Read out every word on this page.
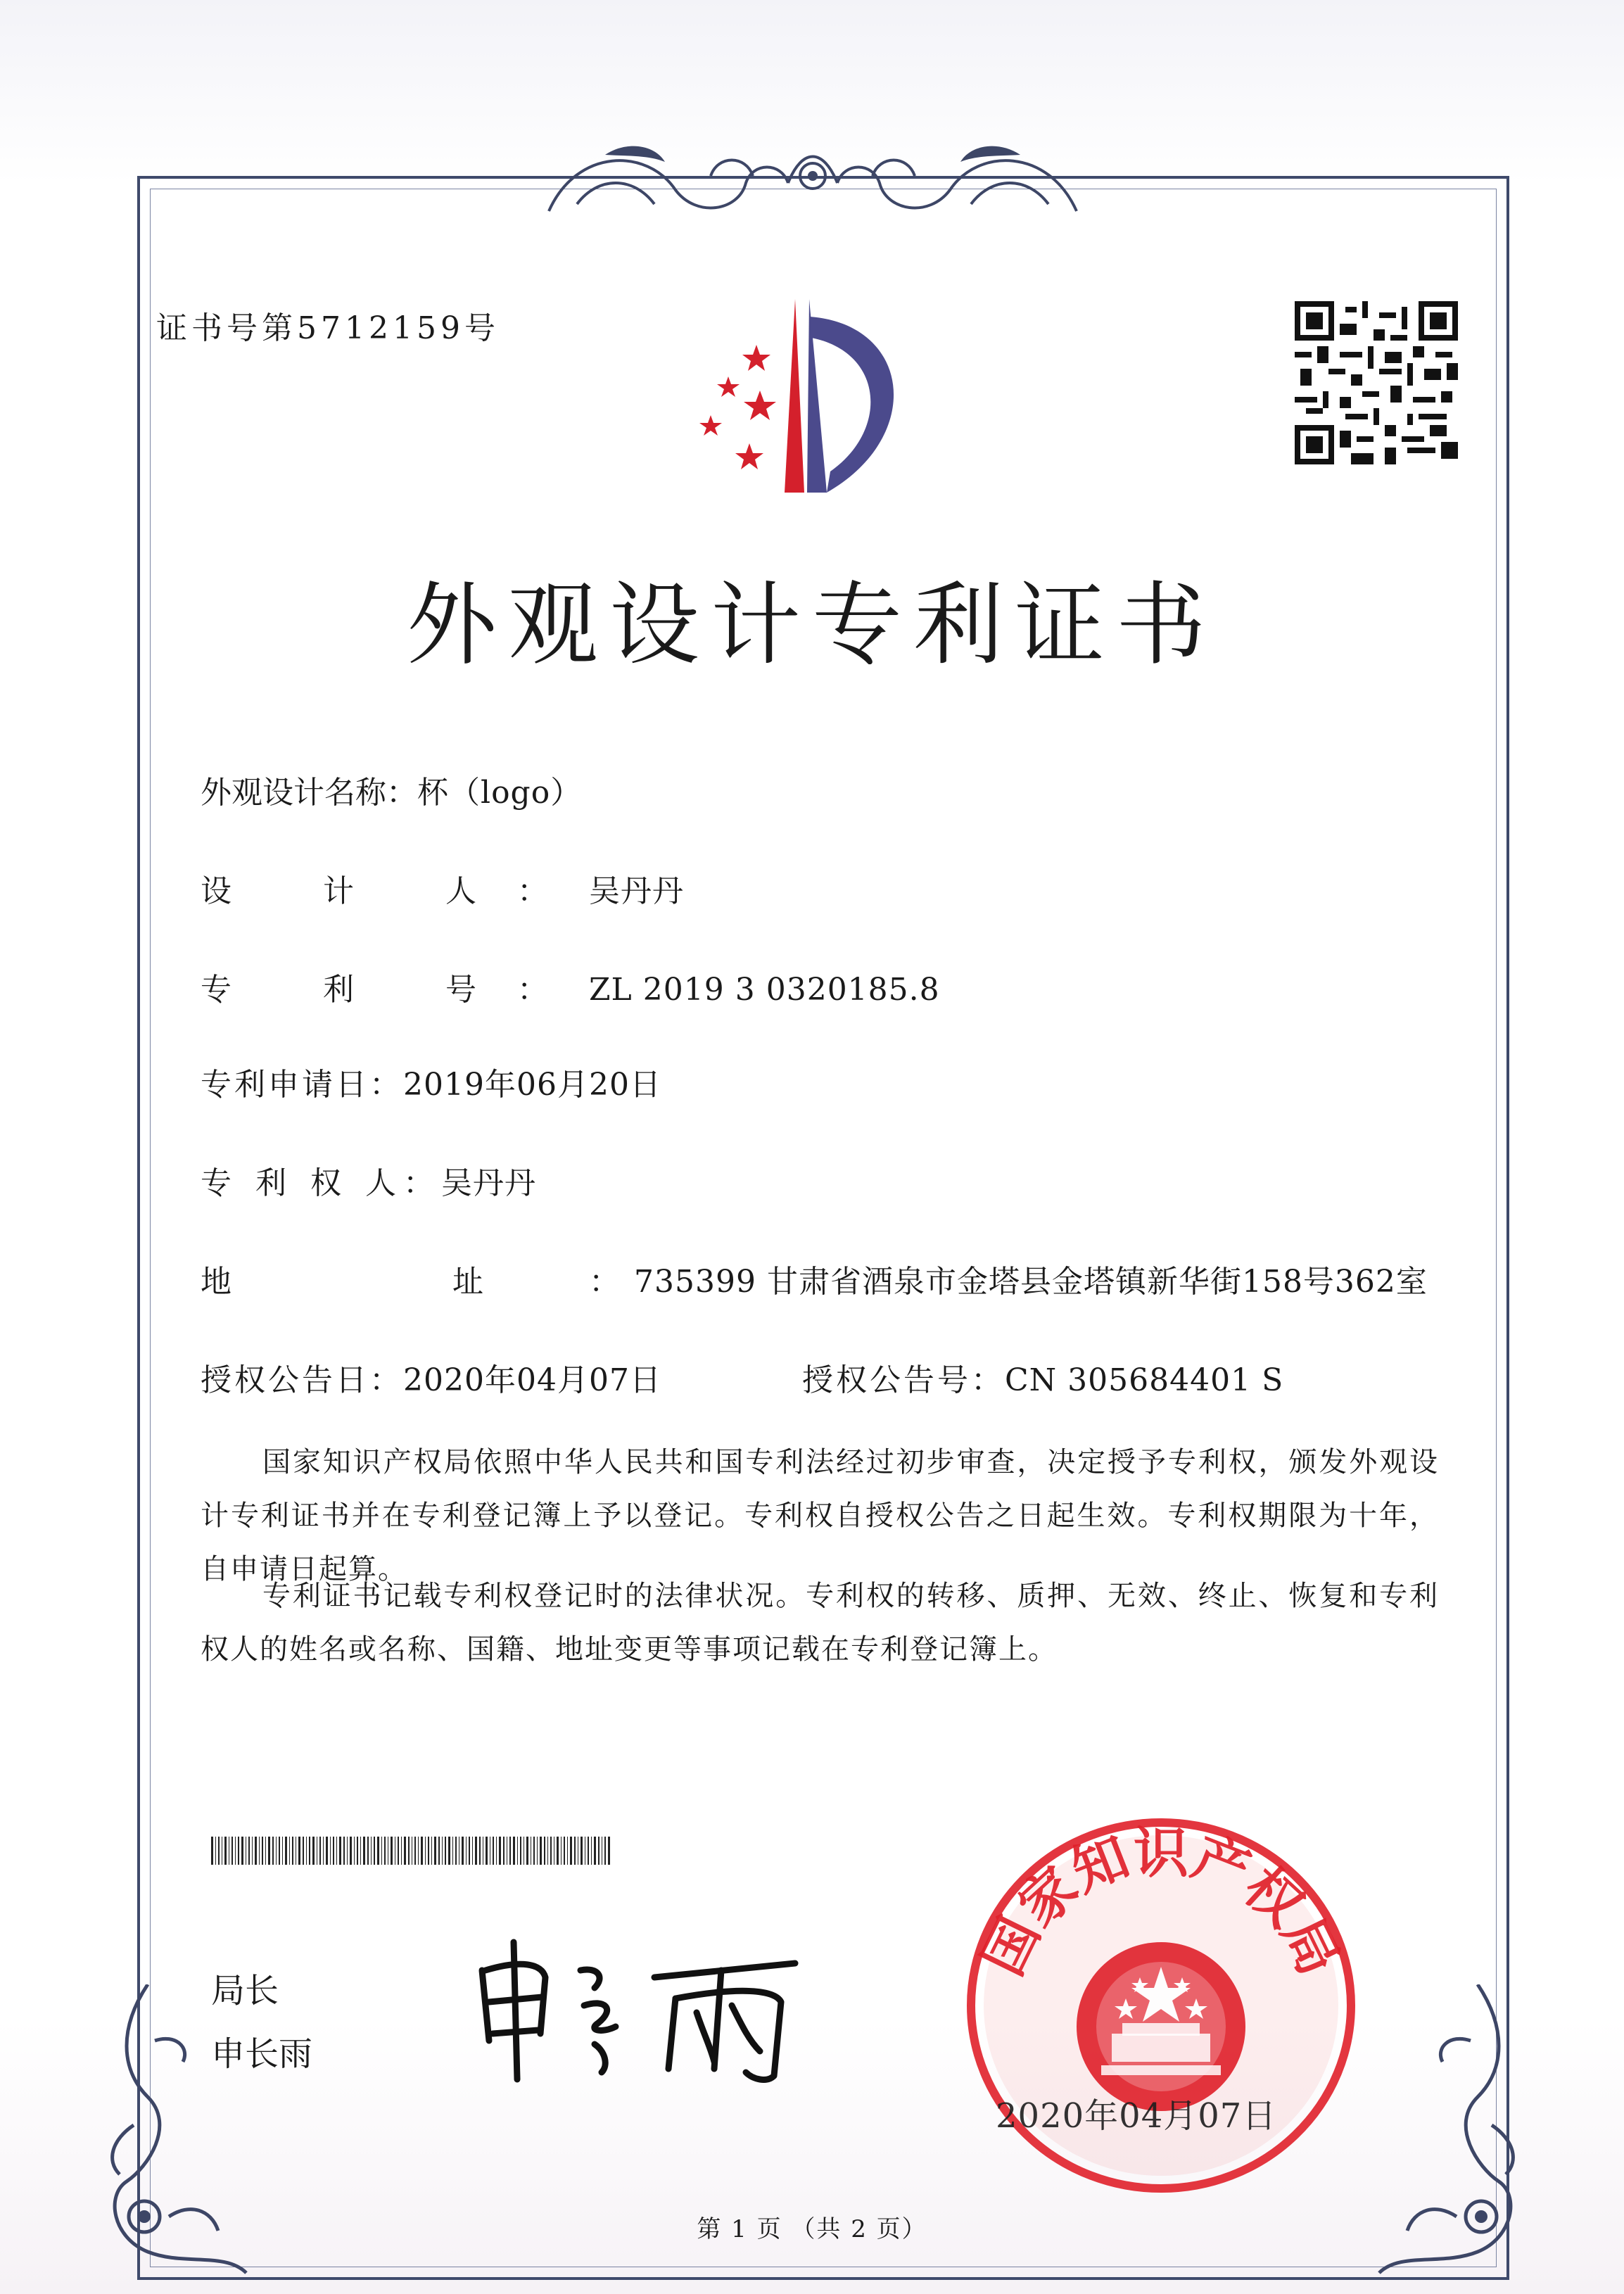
证书号第5712159号
外观设计专利证书
外观设计名称：杯（logo）
设 计 人：吴丹丹
专 利 号：ZL 2019 3 0320185.8
专利申请日：2019年06月20日
专 利 权 人：吴丹丹
地 址：735399 甘肃省酒泉市金塔县金塔镇新华街158号362室
授权公告日：2020年04月07日	授权公告号：CN 305684401 S
国家知识产权局依照中华人民共和国专利法经过初步审查，决定授予专利权，颁发外观设计专利证书并在专利登记簿上予以登记。专利权自授权公告之日起生效。专利权期限为十年，自申请日起算。
专利证书记载专利权登记时的法律状况。专利权的转移、质押、无效、终止、恢复和专利权人的姓名或名称、国籍、地址变更等事项记载在专利登记簿上。
局长
申长雨
国家知识产权局
2020年04月07日
第 1 页 （共 2 页）
